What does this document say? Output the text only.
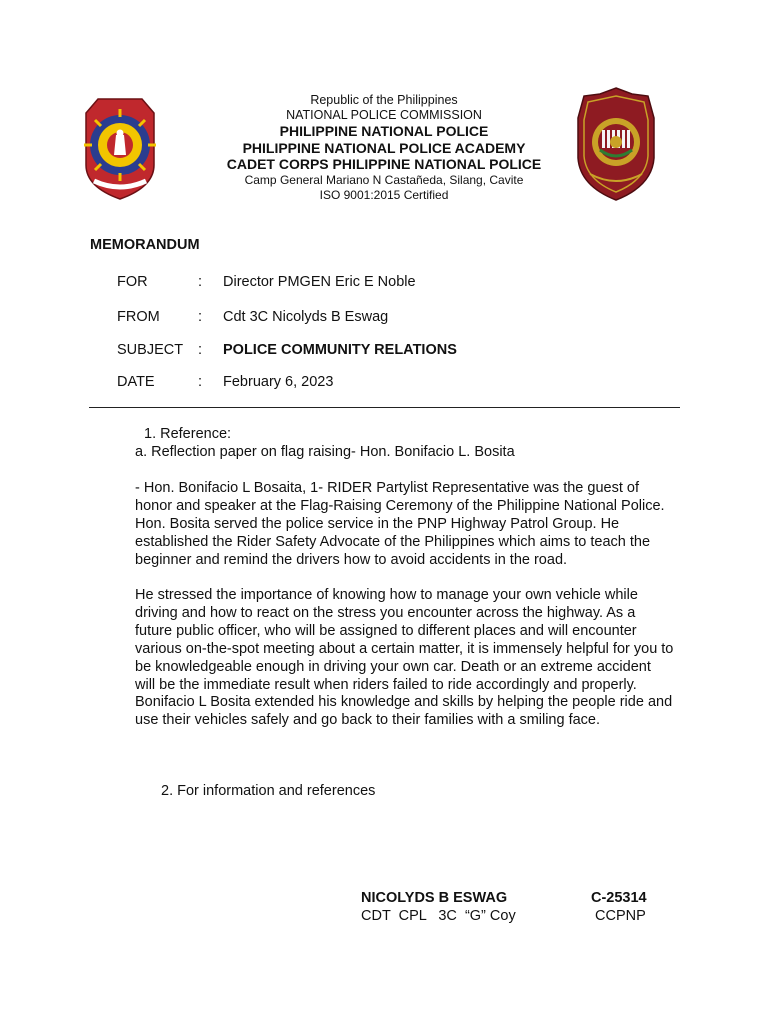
Republic of the Philippines
NATIONAL POLICE COMMISSION
PHILIPPINE NATIONAL POLICE
PHILIPPINE NATIONAL POLICE ACADEMY
CADET CORPS PHILIPPINE NATIONAL POLICE
Camp General Mariano N Castañeda, Silang, Cavite
ISO 9001:2015 Certified
MEMORANDUM
FOR	: Director PMGEN Eric E Noble
FROM	: Cdt 3C Nicolyds B Eswag
SUBJECT : POLICE COMMUNITY RELATIONS
DATE	: February 6, 2023
1. Reference:
a. Reflection paper on flag raising- Hon. Bonifacio L. Bosita
- Hon. Bonifacio L Bosaita, 1- RIDER Partylist Representative was the guest of honor and speaker at the Flag-Raising Ceremony of the Philippine National Police. Hon. Bosita served the police service in the PNP Highway Patrol Group. He established the Rider Safety Advocate of the Philippines which aims to teach the beginner and remind the drivers how to avoid accidents in the road.
He stressed the importance of knowing how to manage your own vehicle while driving and how to react on the stress you encounter across the highway. As a future public officer, who will be assigned to different places and will encounter various on-the-spot meeting about a certain matter, it is immensely helpful for you to be knowledgeable enough in driving your own car. Death or an extreme accident will be the immediate result when riders failed to ride accordingly and properly. Bonifacio L Bosita extended his knowledge and skills by helping the people ride and use their vehicles safely and go back to their families with a smiling face.
2. For information and references
NICOLYDS B ESWAG	C-25314
CDT  CPL   3C  “G” Coy	CCPNP
